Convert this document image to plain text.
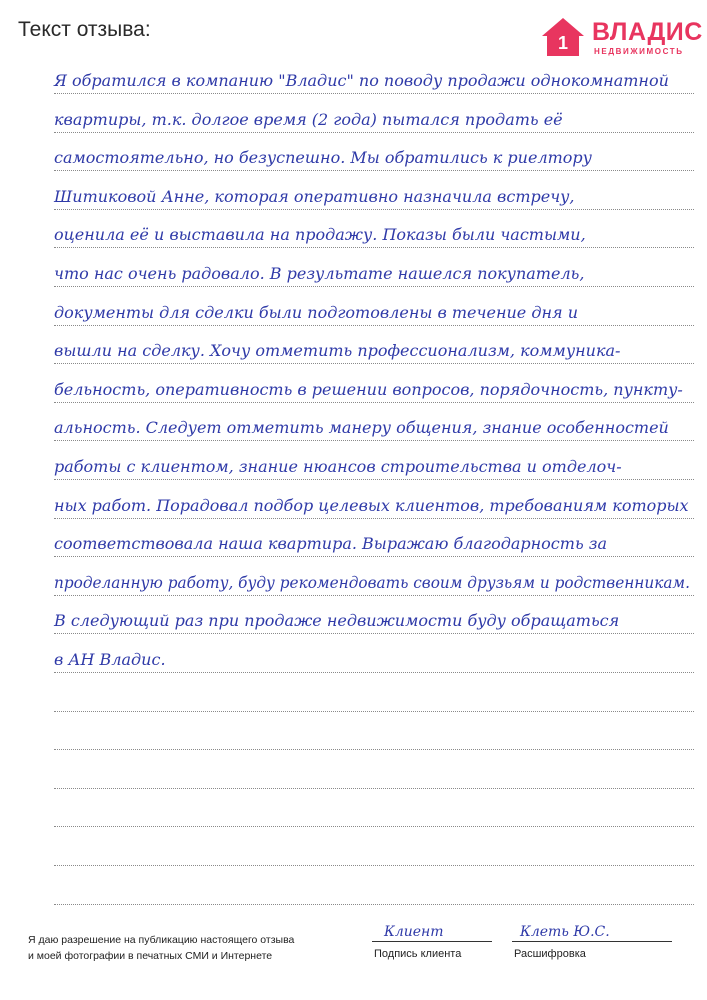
Текст отзыва:
1 ВЛАДИС
НЕДВИЖИМОСТЬ
Я обратился в компанию "Владис" по поводу продажи однокомнатной
квартиры, т.к. долгое время (2 года) пытался продать её
самостоятельно, но безуспешно. Мы обратились к риелтору
Шитиковой Анне, которая оперативно назначила встречу,
оценила её и выставила на продажу. Показы были частыми,
что нас очень радовало. В результате нашелся покупатель,
документы для сделки были подготовлены в течение дня и
вышли на сделку. Хочу отметить профессионализм, коммуника-
бельность, оперативность в решении вопросов, порядочность, пункту-
альность. Следует отметить манеру общения, знание особенностей
работы с клиентом, знание нюансов строительства и отделоч-
ных работ. Порадовал подбор целевых клиентов, требованиям которых
соответствовала наша квартира. Выражаю благодарность за
проделанную работу, буду рекомендовать своим друзьям и родственникам.
В следующий раз при продаже недвижимости буду обращаться
в АН Владис.
Я даю разрешение на публикацию настоящего отзыва
и моей фотографии в печатных СМИ и Интернете
Клиент
Подпись клиента
Клеть Ю.С.
Расшифровка
